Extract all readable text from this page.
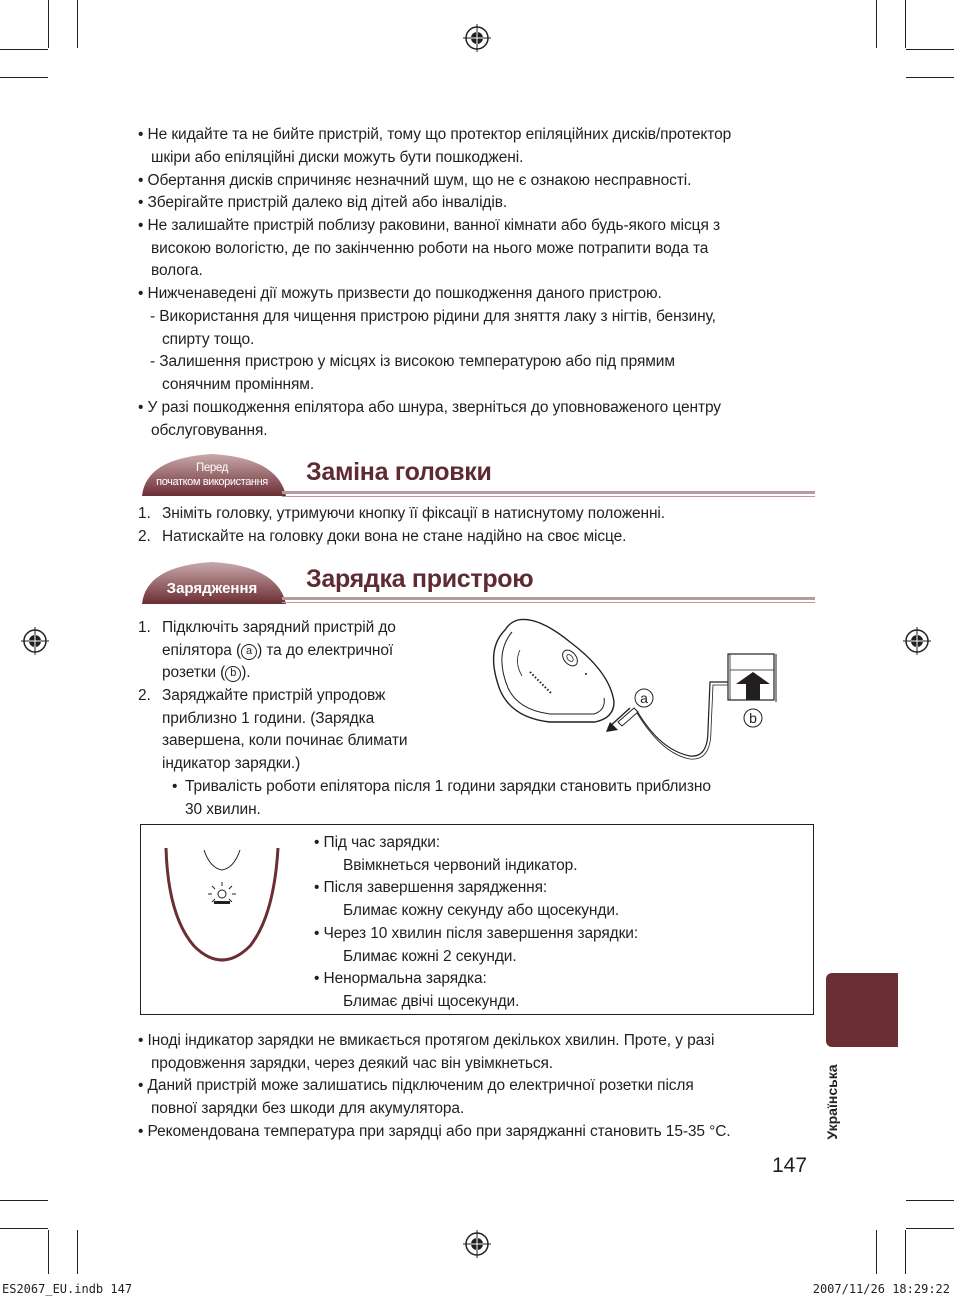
• Не кидайте та не бийте пристрій, тому що протектор епіляційних дисків/протектор
шкіри або епіляційні диски можуть бути пошкоджені.
• Обертання дисків спричиняє незначний шум, що не є ознакою несправності.
• Зберігайте пристрій далеко від дітей або інвалідів.
• Не залишайте пристрій поблизу раковини, ванної кімнати або будь-якого місця з
високою вологістю, де по закінченню роботи на нього може потрапити вода та
волога.
• Нижченаведені дії можуть призвести до пошкодження даного пристрою.
- Використання для чищення пристрою рідини для зняття лаку з нігтів, бензину,
спирту тощо.
- Залишення пристрою у місцях із високою температурою або під прямим
сонячним промінням.
• У разі пошкодження епілятора або шнура, зверніться до уповноваженого центру
обслуговування.
Перед
початком використання	Заміна головки
1. Зніміть головку, утримуючи кнопку її фіксації в натиснутому положенні.
2. Натискайте на головку доки вона не стане надійно на своє місце.
Зарядження	Зарядка пристрою
1. Підключіть зарядний пристрій до
епілятора ( a ) та до електричної
розетки ( b ).
2. Заряджайте пристрій упродовж
приблизно 1 години. (Зарядка
завершена, коли починає блимати
індикатор зарядки.)
• Тривалість роботи епілятора після 1 години зарядки становить приблизно
30 хвилин.
a
b
• Під час зарядки:
Ввімкнеться червоний індикатор.
• Після завершення зарядження:
Блимає кожну секунду або щосекунди.
• Через 10 хвилин після завершення зарядки:
Блимає кожні 2 секунди.
• Ненормальна зарядка:
Блимає двічі щосекунди.
• Іноді індикатор зарядки не вмикається протягом декількох хвилин. Проте, у разі
продовження зарядки, через деякий час він увімкнеться.
• Даний пристрій може залишатись підключеним до електричної розетки після
повної зарядки без шкоди для акумулятора.
• Рекомендована температура при зарядці або при заряджанні становить 15-35 °C.	Українська
147
ES2067_EU.indb 147	2007/11/26 18:29:22
